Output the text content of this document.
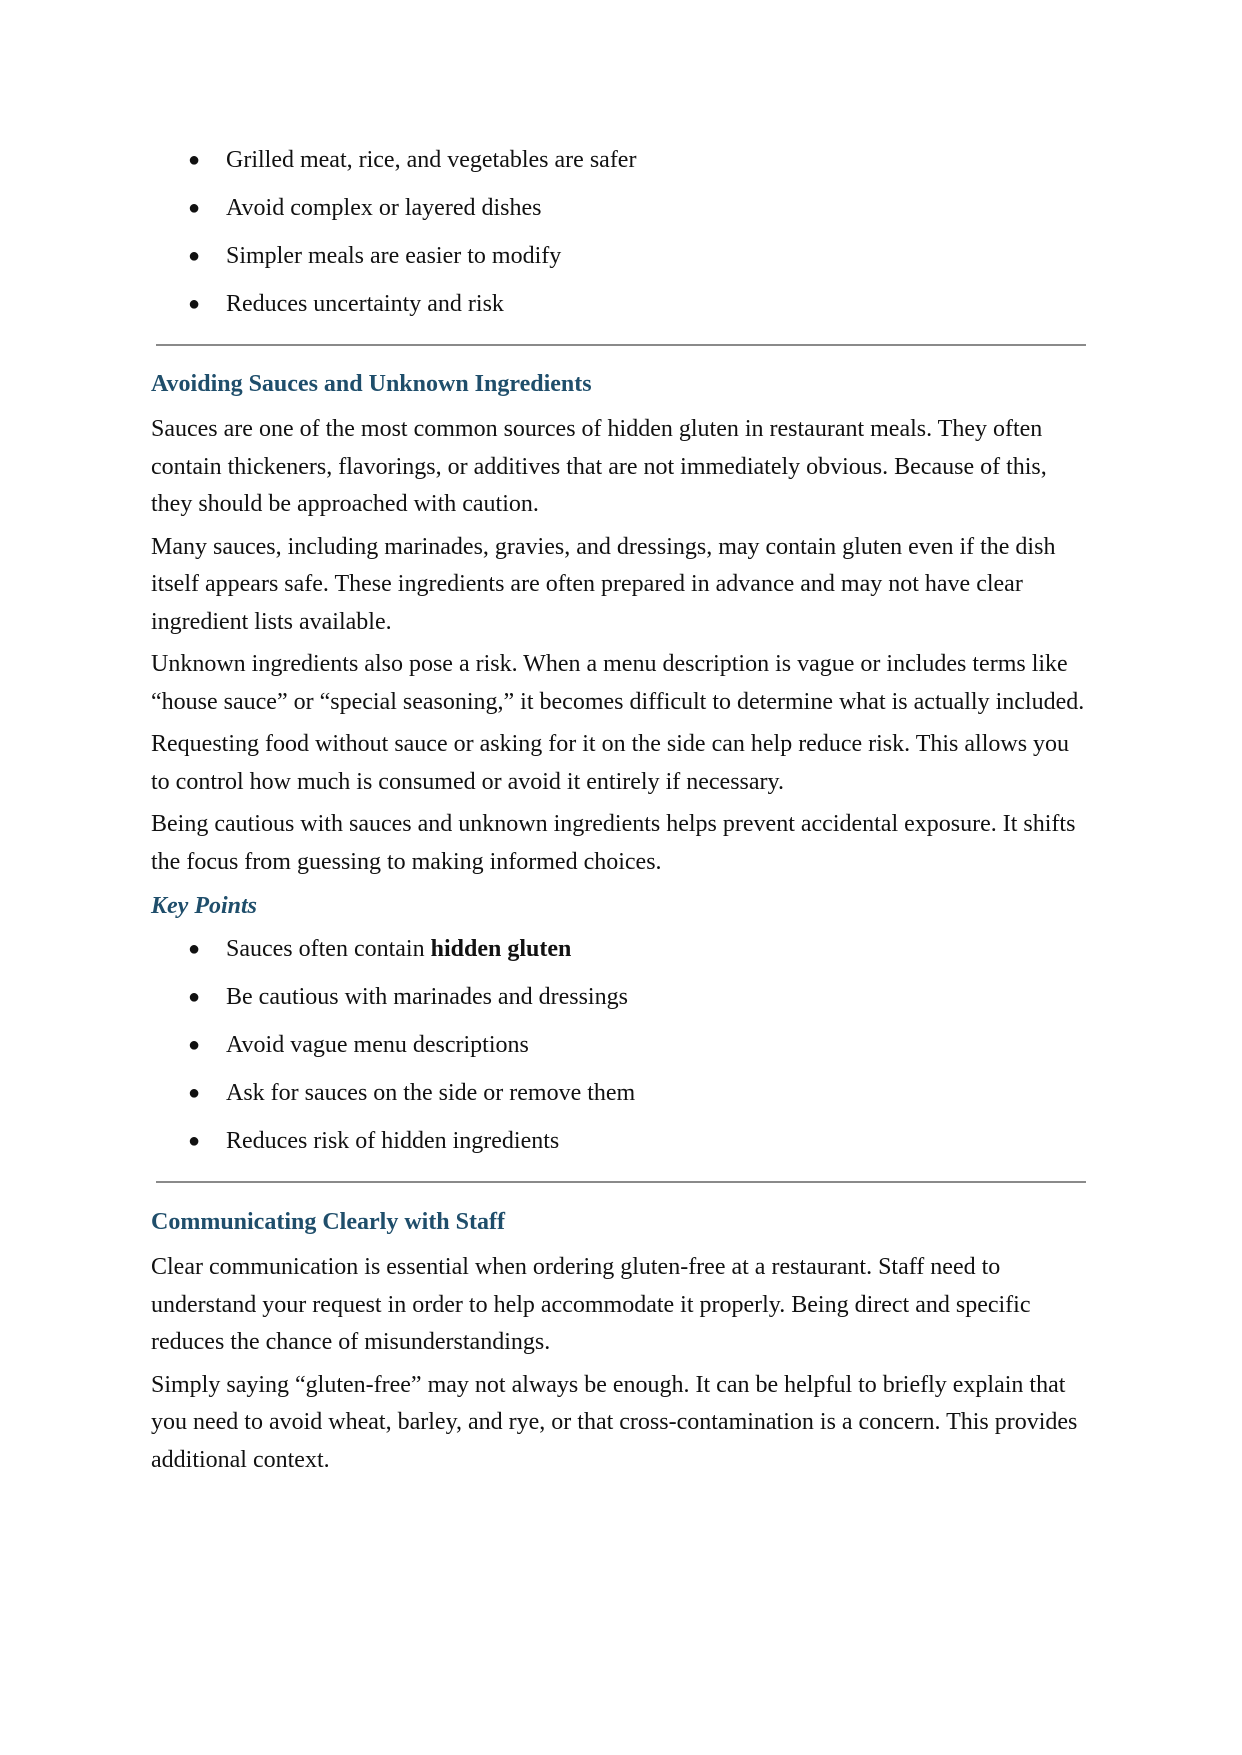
● Grilled meat, rice, and vegetables are safer
● Avoid complex or layered dishes
● Simpler meals are easier to modify
● Reduces uncertainty and risk
Avoiding Sauces and Unknown Ingredients

Sauces are one of the most common sources of hidden gluten in restaurant meals. They often contain thickeners, flavorings, or additives that are not immediately obvious. Because of this, they should be approached with caution.

Many sauces, including marinades, gravies, and dressings, may contain gluten even if the dish itself appears safe. These ingredients are often prepared in advance and may not have clear ingredient lists available.

Unknown ingredients also pose a risk. When a menu description is vague or includes terms like “house sauce” or “special seasoning,” it becomes difficult to determine what is actually included.

Requesting food without sauce or asking for it on the side can help reduce risk. This allows you to control how much is consumed or avoid it entirely if necessary.

Being cautious with sauces and unknown ingredients helps prevent accidental exposure. It shifts the focus from guessing to making informed choices.

Key Points
● Sauces often contain hidden gluten
● Be cautious with marinades and dressings
● Avoid vague menu descriptions
● Ask for sauces on the side or remove them
● Reduces risk of hidden ingredients
Communicating Clearly with Staff

Clear communication is essential when ordering gluten-free at a restaurant. Staff need to understand your request in order to help accommodate it properly. Being direct and specific reduces the chance of misunderstandings.

Simply saying “gluten-free” may not always be enough. It can be helpful to briefly explain that you need to avoid wheat, barley, and rye, or that cross-contamination is a concern. This provides additional context.
